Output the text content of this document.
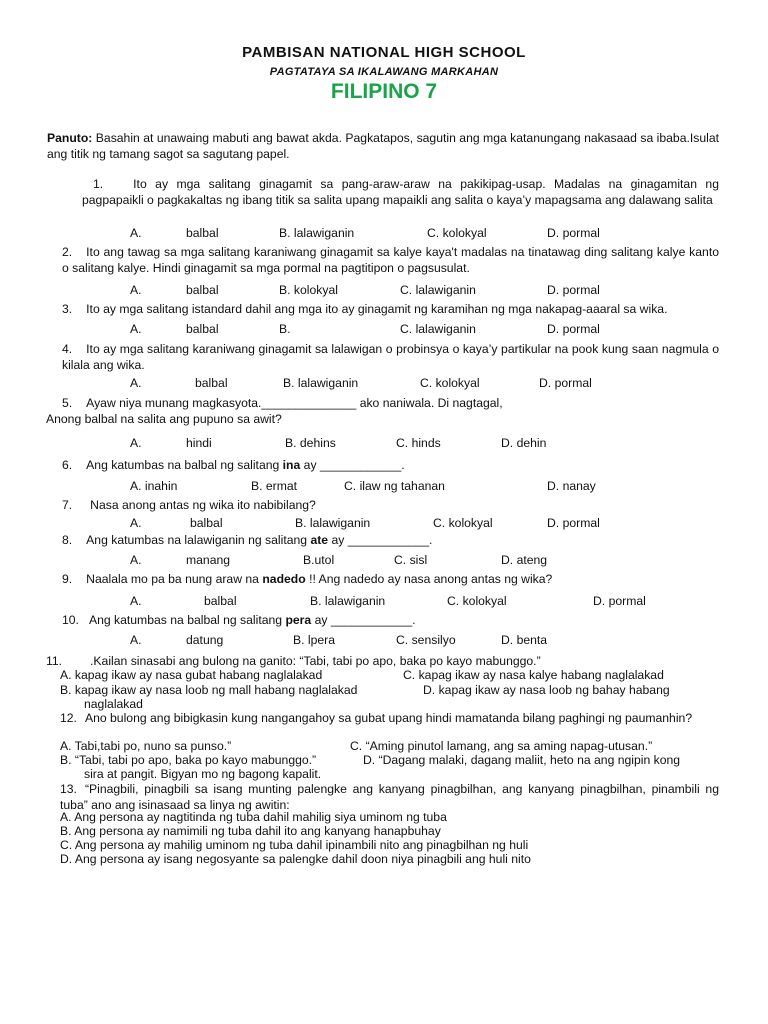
PAMBISAN NATIONAL HIGH SCHOOL
PAGTATAYA SA IKALAWANG MARKAHAN
FILIPINO 7
Panuto: Basahin at unawaing mabuti ang bawat akda. Pagkatapos, sagutin ang mga katanungang nakasaad sa ibaba.Isulat ang titik ng tamang sagot sa sagutang papel.
1. Ito ay mga salitang ginagamit sa pang-araw-araw na pakikipag-usap. Madalas na ginagamitan ng pagpapaikli o pagkakaltas ng ibang titik sa salita upang mapaikli ang salita o kaya’y mapagsama ang dalawang salita
A.	balbal	B. lalawiganin	C. kolokyal	D. pormal
2. Ito ang tawag sa mga salitang karaniwang ginagamit sa kalye kaya't madalas na tinatawag ding salitang kalye kanto o salitang kalye. Hindi ginagamit sa mga pormal na pagtitipon o pagsusulat.
A.	balbal	B. kolokyal	C. lalawiganin	D. pormal
3. Ito ay mga salitang istandard dahil ang mga ito ay ginagamit ng karamihan ng mga nakapag-aaaral sa wika.
A.	balbal	B.	C. lalawiganin	D. pormal
4. Ito ay mga salitang karaniwang ginagamit sa lalawigan o probinsya o kaya’y partikular na pook kung saan nagmula o kilala ang wika.
A.	balbal	B. lalawiganin	C. kolokyal	D. pormal
5. Ayaw niya munang magkasyota.______________ ako naniwala. Di nagtagal,
Anong balbal na salita ang pupuno sa awit?
A.	hindi	B. dehins	C. hinds	D. dehin
6. Ang katumbas na balbal ng salitang ina ay ____________.
A. inahin	B. ermat	C. ilaw ng tahanan	D. nanay
7. Nasa anong antas ng wika ito nabibilang?
A.	balbal	B. lalawiganin	C. kolokyal	D. pormal
8. Ang katumbas na lalawiganin ng salitang ate ay ____________.
A.	manang	B.utol	C. sisl	D. ateng
9. Naalala mo pa ba nung araw na nadedo !! Ang nadedo ay nasa anong antas ng wika?
A.	balbal	B. lalawiganin	C. kolokyal	D. pormal
10. Ang katumbas na balbal ng salitang pera ay ____________.
A.	datung	B. lpera	C. sensilyo	D. benta
11. .Kailan sinasabi ang bulong na ganito: “Tabi, tabi po apo, baka po kayo mabunggo.”
A. kapag ikaw ay nasa gubat habang naglalakad	C. kapag ikaw ay nasa kalye habang naglalakad
B. kapag ikaw ay nasa loob ng mall habang naglalakad	D. kapag ikaw ay nasa loob ng bahay habang
naglalakad
12. Ano bulong ang bibigkasin kung nangangahoy sa gubat upang hindi mamatanda bilang paghingi ng paumanhin?
A. Tabi,tabi po, nuno sa punso.”	C. “Aming pinutol lamang, ang sa aming napag-utusan.”
B. “Tabi, tabi po apo, baka po kayo mabunggo.”	D. “Dagang malaki, dagang maliit, heto na ang ngipin kong
sira at pangit. Bigyan mo ng bagong kapalit.
13. “Pinagbili, pinagbili sa isang munting palengke ang kanyang pinagbilhan, ang kanyang pinagbilhan, pinambili ng tuba” ano ang isinasaad sa linya ng awitin:
A. Ang persona ay nagtitinda ng tuba dahil mahilig siya uminom ng tuba
B. Ang persona ay namimili ng tuba dahil ito ang kanyang hanapbuhay
C. Ang persona ay mahilig uminom ng tuba dahil ipinambili nito ang pinagbilhan ng huli
D. Ang persona ay isang negosyante sa palengke dahil doon niya pinagbili ang huli nito
